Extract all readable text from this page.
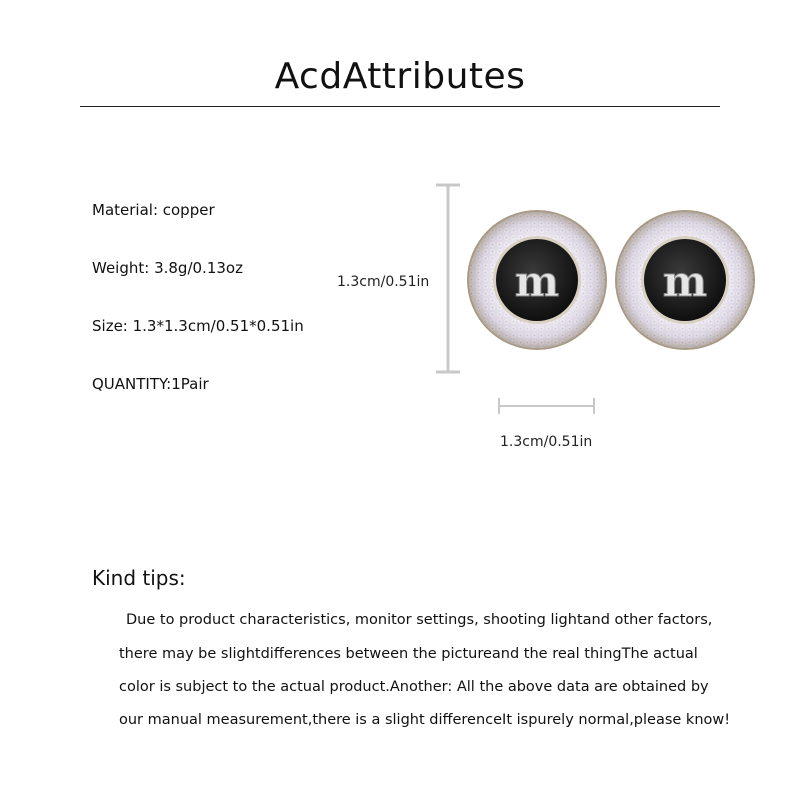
AcdAttributes
Material: copper
Weight: 3.8g/0.13oz
Size: 1.3*1.3cm/0.51*0.51in
QUANTITY:1Pair
1.3cm/0.51in
1.3cm/0.51in
m m
Kind tips:
Due to product characteristics, monitor settings, shooting lightand other factors,
there may be slightdifferences between the pictureand the real thingThe actual
color is subject to the actual product.Another: All the above data are obtained by
our manual measurement,there is a slight differenceIt ispurely normal,please know!
